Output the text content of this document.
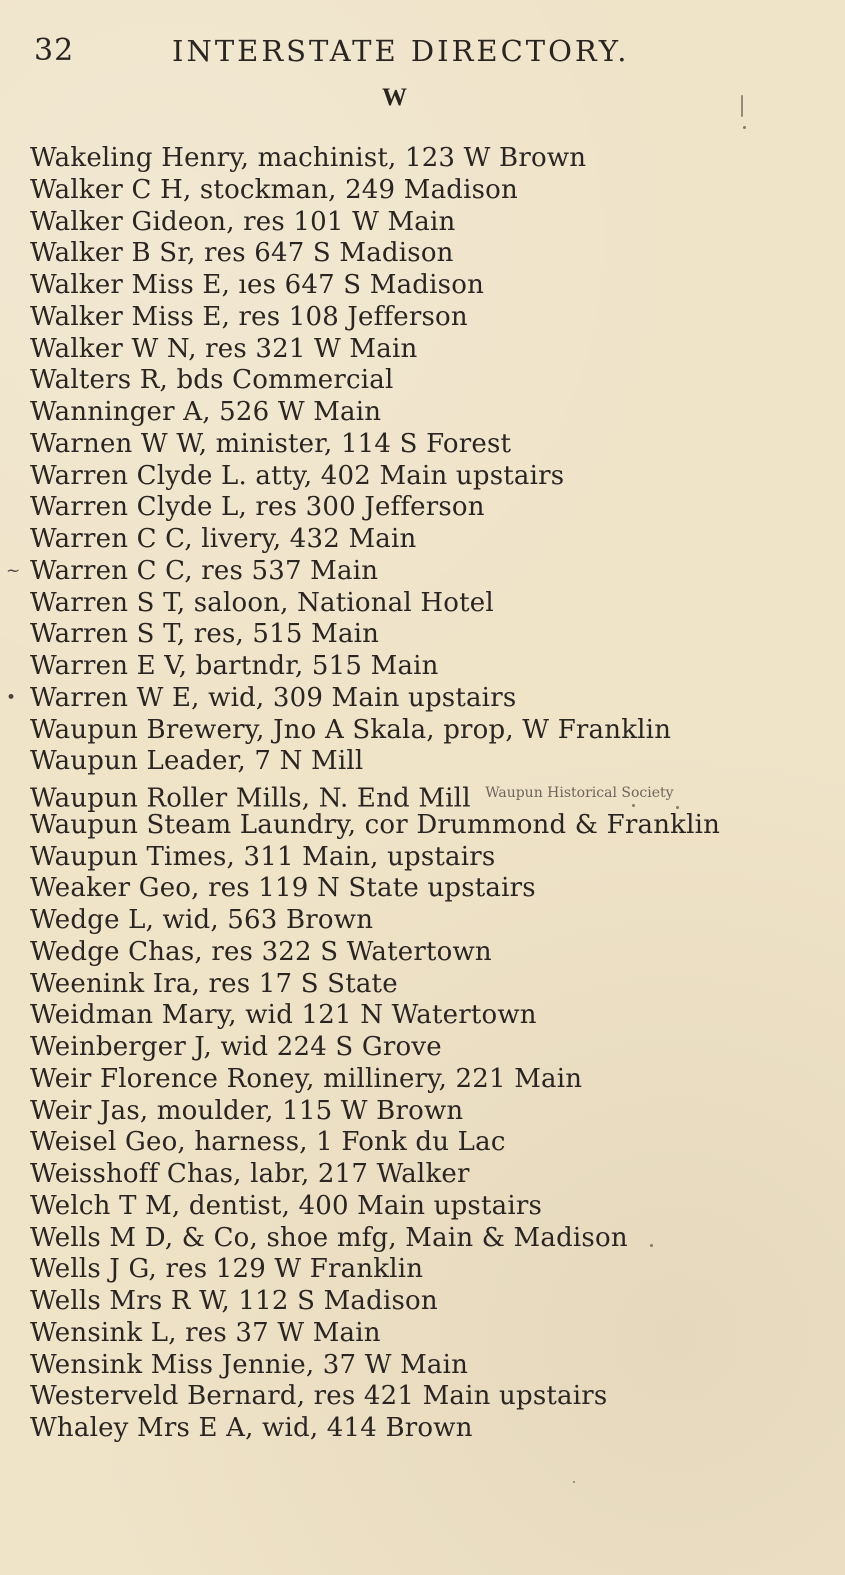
32	INTERSTATE DIRECTORY.
W
Wakeling Henry, machinist, 123 W Brown
Walker C H, stockman, 249 Madison
Walker Gideon, res 101 W Main
Walker B Sr, res 647 S Madison
Walker Miss E, ıes 647 S Madison
Walker Miss E, res 108 Jefferson
Walker W N, res 321 W Main
Walters R, bds Commercial
Wanninger A, 526 W Main
Warnen W W, minister, 114 S Forest
Warren Clyde L. atty, 402 Main upstairs
Warren Clyde L, res 300 Jefferson
Warren C C, livery, 432 Main
~ Warren C C, res 537 Main
Warren S T, saloon, National Hotel
Warren S T, res, 515 Main
Warren E V, bartndr, 515 Main
• Warren W E, wid, 309 Main upstairs
Waupun Brewery, Jno A Skala, prop, W Franklin
Waupun Leader, 7 N Mill
Waupun Roller Mills, N. End Mill $^{Waupun Historical Society}$
Waupun Steam Laundry, cor Drummond & Franklin
Waupun Times, 311 Main, upstairs
Weaker Geo, res 119 N State upstairs
Wedge L, wid, 563 Brown
Wedge Chas, res 322 S Watertown
Weenink Ira, res 17 S State
Weidman Mary, wid 121 N Watertown
Weinberger J, wid 224 S Grove
Weir Florence Roney, millinery, 221 Main
Weir Jas, moulder, 115 W Brown
Weisel Geo, harness, 1 Fonk du Lac
Weisshoff Chas, labr, 217 Walker
Welch T M, dentist, 400 Main upstairs
Wells M D, & Co, shoe mfg, Main & Madison
Wells J G, res 129 W Franklin
Wells Mrs R W, 112 S Madison
Wensink L, res 37 W Main
Wensink Miss Jennie, 37 W Main
Westerveld Bernard, res 421 Main upstairs
Whaley Mrs E A, wid, 414 Brown
